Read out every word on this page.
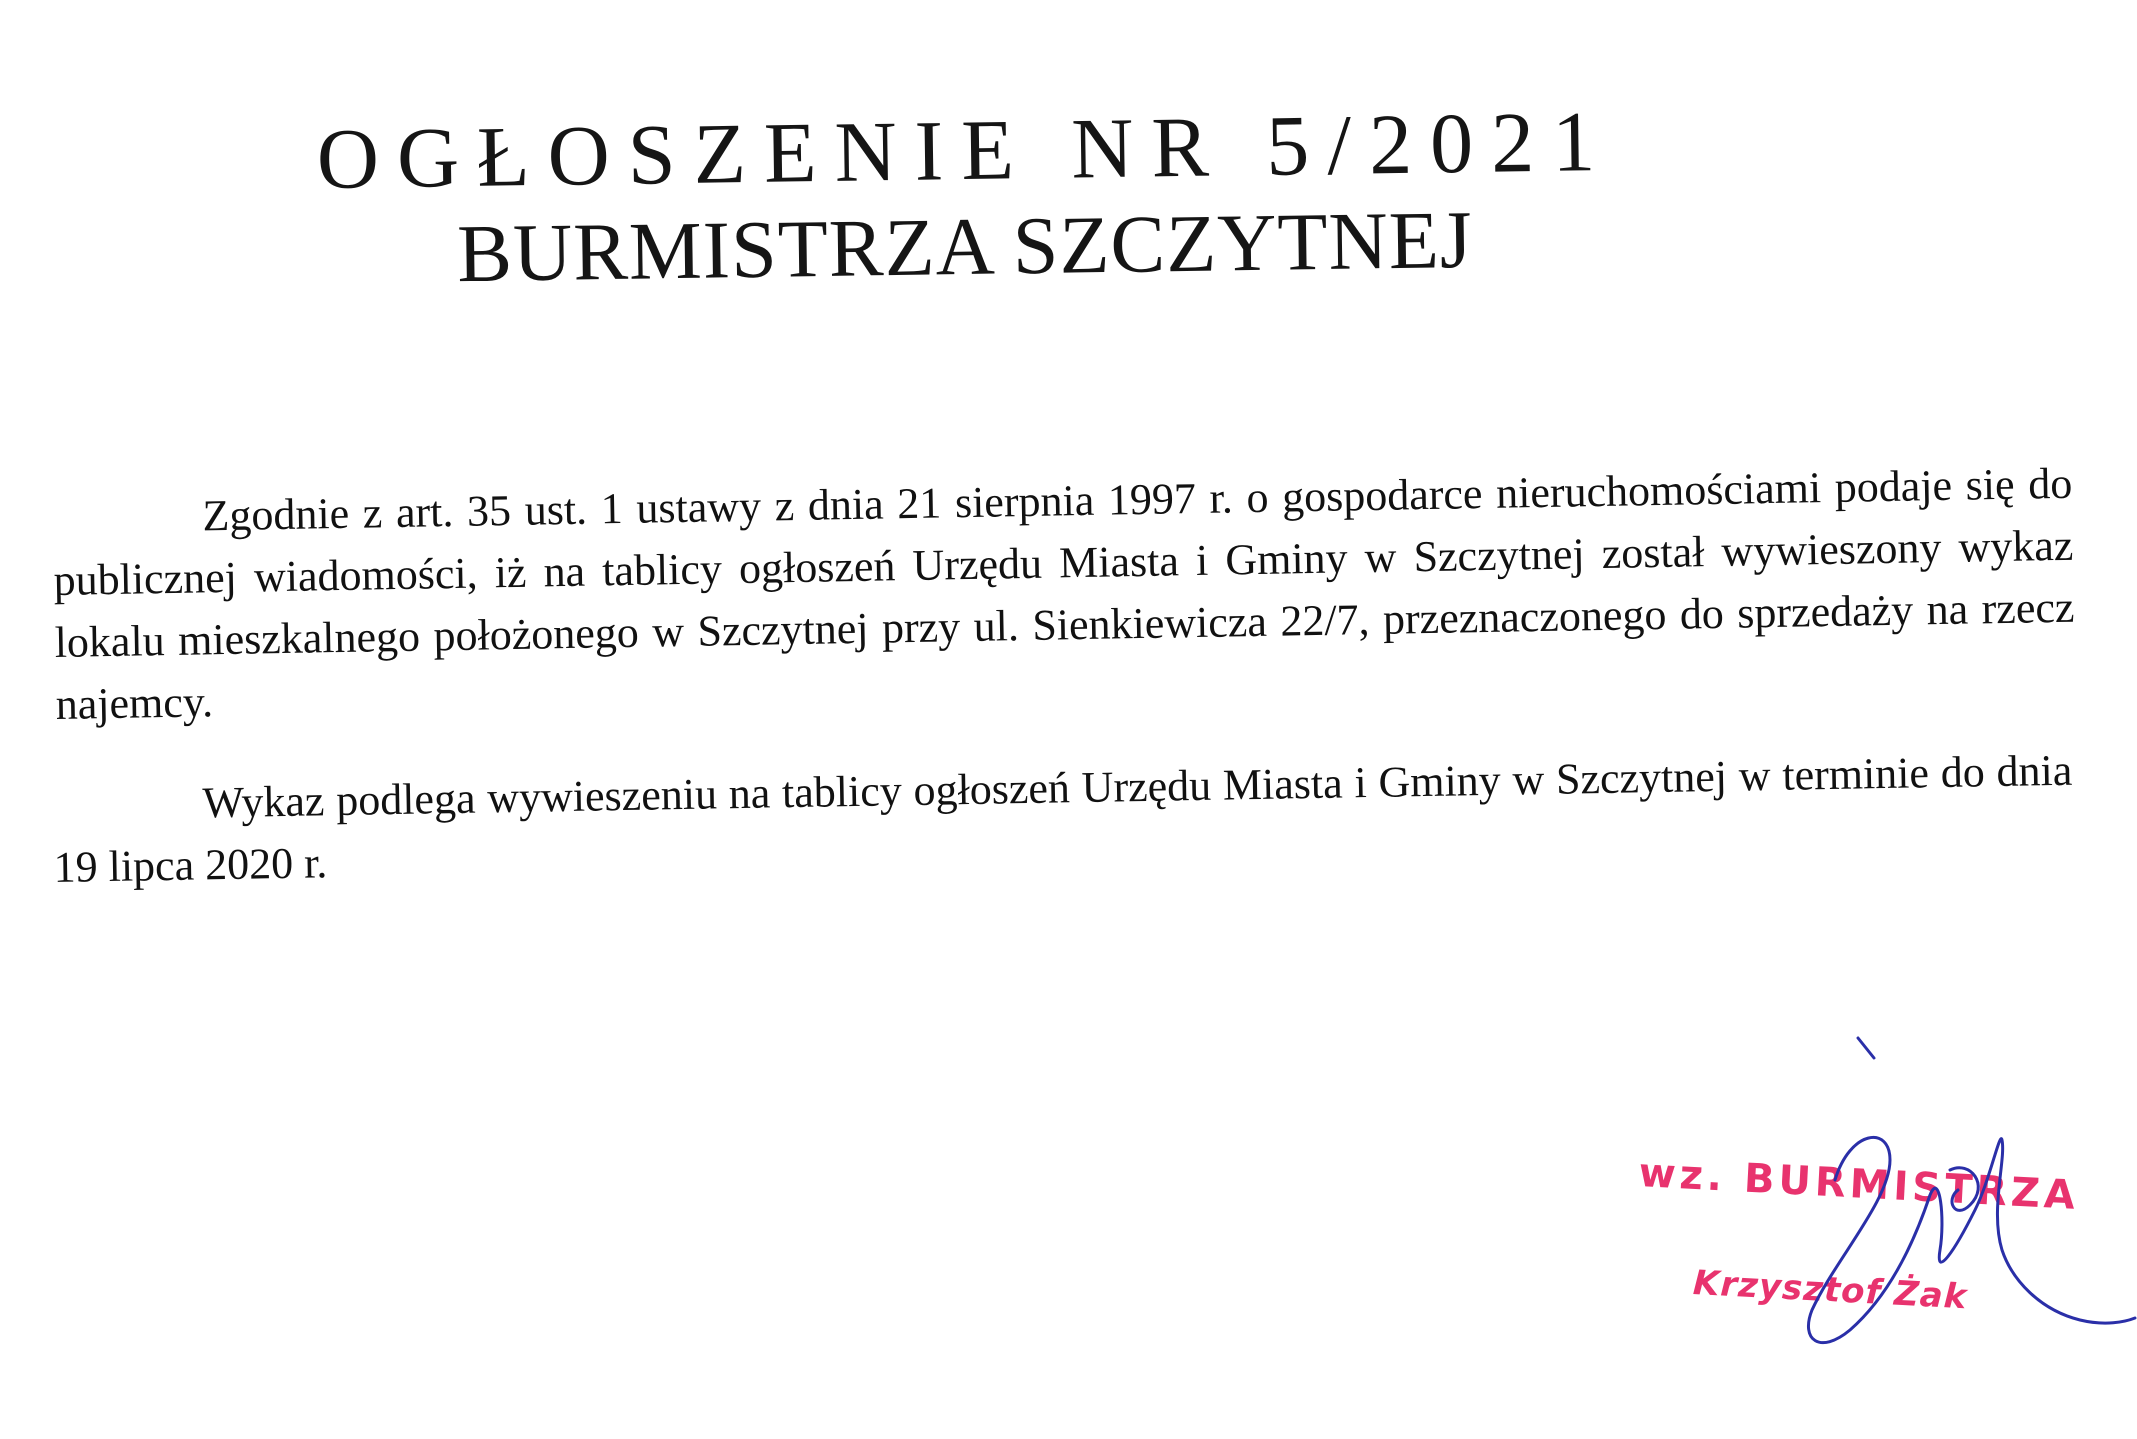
OGŁOSZENIE NR 5/2021
BURMISTRZA SZCZYTNEJ
Zgodnie z art. 35 ust. 1 ustawy z dnia 21 sierpnia 1997 r. o gospodarce nieruchomościami podaje się do publicznej wiadomości, iż na tablicy ogłoszeń Urzędu Miasta i Gminy w Szczytnej został wywieszony wykaz lokalu mieszkalnego położonego w Szczytnej przy ul. Sienkiewicza 22/7, przeznaczonego do sprzedaży na rzecz najemcy.
Wykaz podlega wywieszeniu na tablicy ogłoszeń Urzędu Miasta i Gminy w Szczytnej w terminie do dnia 19 lipca 2020 r.
wz. BURMISTRZA
Krzysztof Żak
